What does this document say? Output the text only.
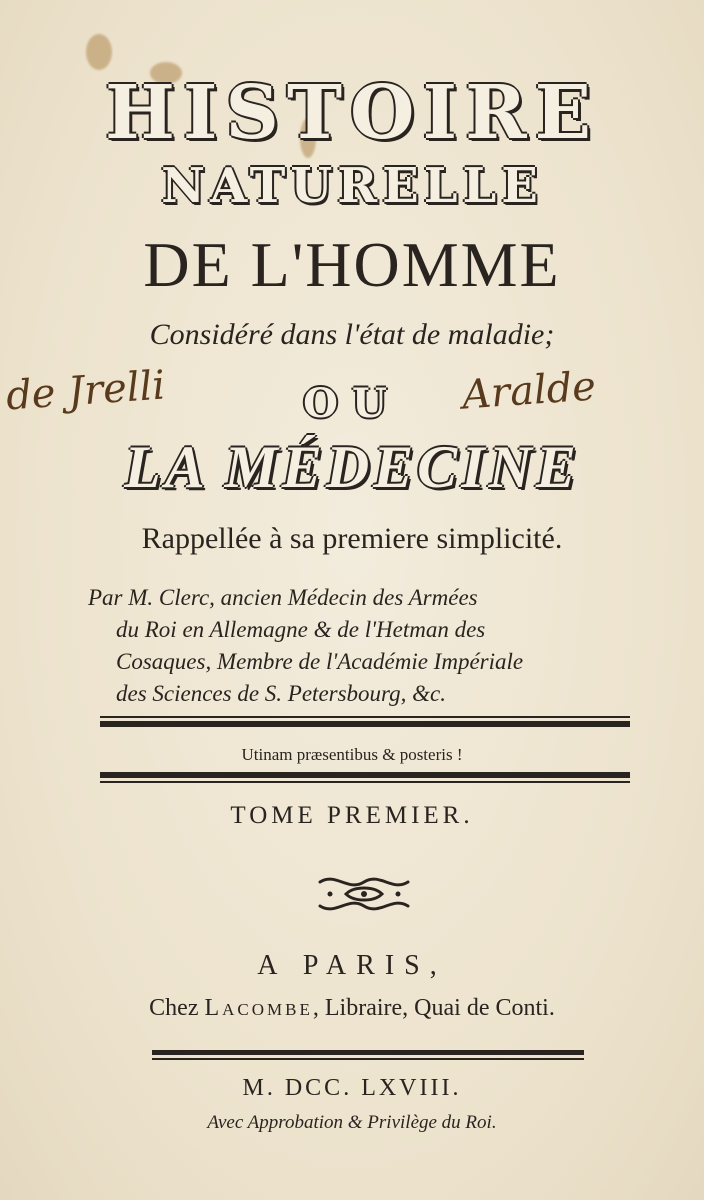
HISTOIRE
NATURELLE
DE L'HOMME
Considéré dans l'état de maladie;
de Jrelli	OU	Aralde
LA MÉDECINE
Rappellée à sa premiere simplicité.
Par M. Clerc, ancien Médecin des Armées
du Roi en Allemagne & de l'Hetman des
Cosaques, Membre de l'Académie Impériale
des Sciences de S. Petersbourg, &c.
Utinam præsentibus & posteris !
TOME PREMIER.
A PARIS,
Chez Lacombe, Libraire, Quai de Conti.
M. DCC. LXVIII.
Avec Approbation & Privilège du Roi.
